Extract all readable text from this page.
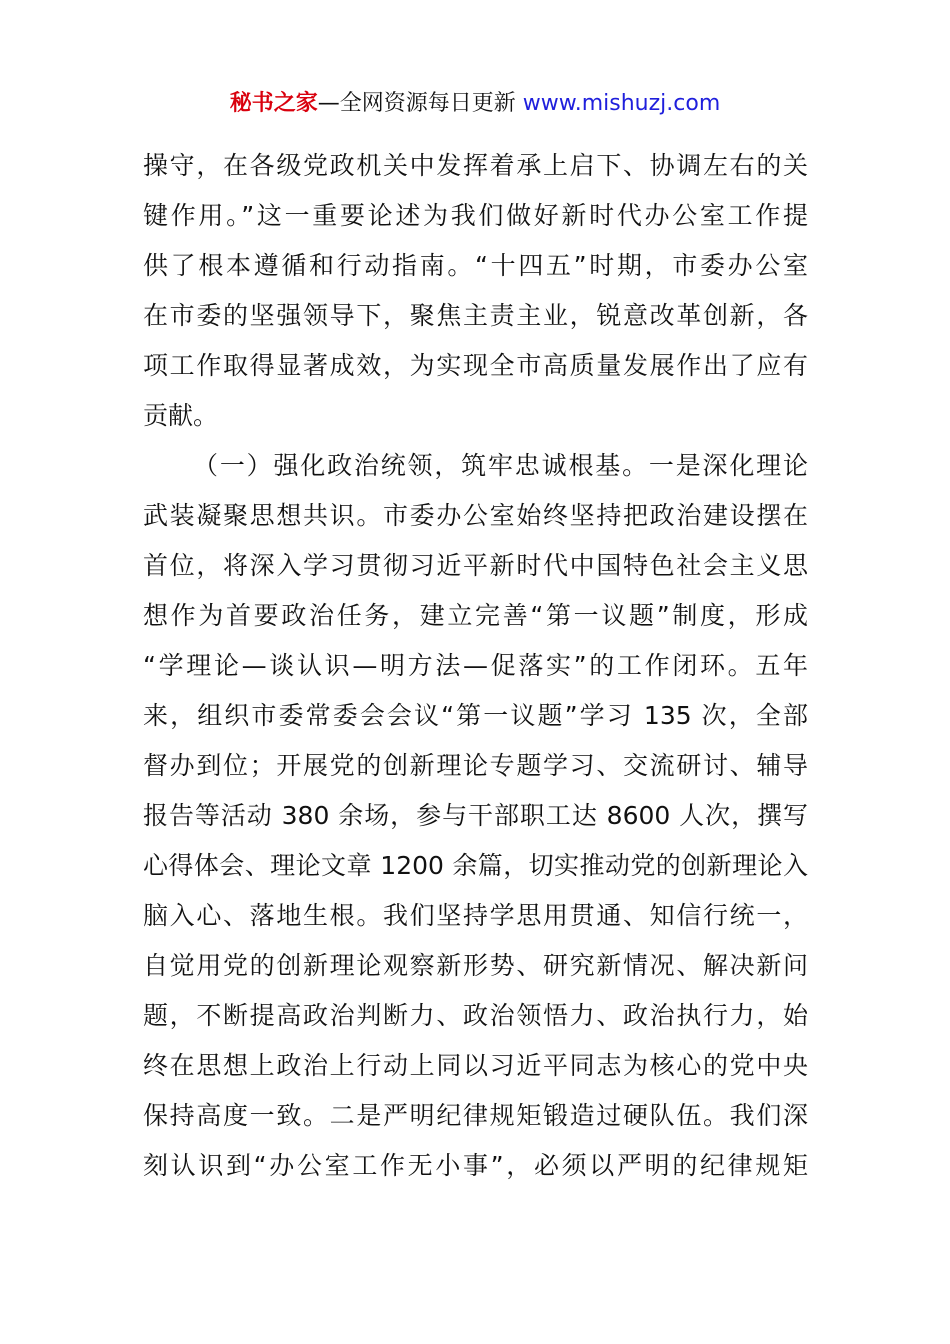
秘书之家—全网资源每日更新 www.mishuzj.com
操守，在各级党政机关中发挥着承上启下、协调左右的关
键作用。”这一重要论述为我们做好新时代办公室工作提
供了根本遵循和行动指南。“十四五”时期，市委办公室
在市委的坚强领导下，聚焦主责主业，锐意改革创新，各
项工作取得显著成效，为实现全市高质量发展作出了应有
贡献。
（一）强化政治统领，筑牢忠诚根基。一是深化理论
武装凝聚思想共识。市委办公室始终坚持把政治建设摆在
首位，将深入学习贯彻习近平新时代中国特色社会主义思
想作为首要政治任务，建立完善“第一议题”制度，形成
“学理论—谈认识—明方法—促落实”的工作闭环。五年
来，组织市委常委会会议“第一议题”学习 135 次，全部
督办到位；开展党的创新理论专题学习、交流研讨、辅导
报告等活动 380 余场，参与干部职工达 8600 人次，撰写
心得体会、理论文章 1200 余篇，切实推动党的创新理论入
脑入心、落地生根。我们坚持学思用贯通、知信行统一，
自觉用党的创新理论观察新形势、研究新情况、解决新问
题，不断提高政治判断力、政治领悟力、政治执行力，始
终在思想上政治上行动上同以习近平同志为核心的党中央
保持高度一致。二是严明纪律规矩锻造过硬队伍。我们深
刻认识到“办公室工作无小事”，必须以严明的纪律规矩
